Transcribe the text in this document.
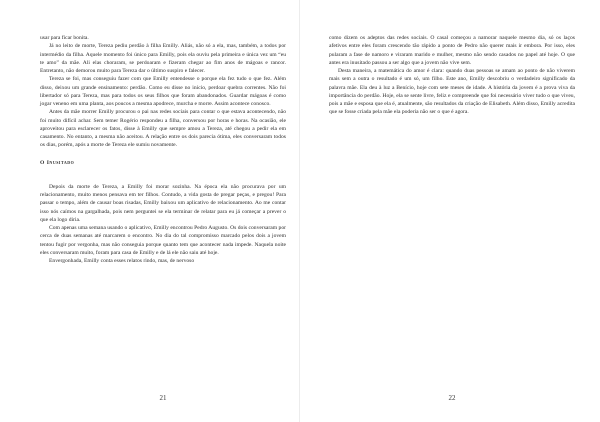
usar para ficar bonita.

Já no leito de morte, Tereza pediu perdão à filha Emilly. Aliás, não só a ela, mas, também, a todos por intermédio da filha. Aquele momento foi único para Emilly, pois ela ouviu pela primeira e única vez um “eu te amo” da mãe. Ali elas choraram, se perdoaram e fizeram chegar ao fim anos de mágoas e rancor. Entretanto, não demorou muito para Tereza dar o último suspiro e falecer.

Tereza se foi, mas conseguiu fazer com que Emilly entendesse o porque ela fez tudo o que fez. Além disso, deixou um grande ensinamento: perdão. Como eu disse no início, perdoar quebra correntes. Não foi libertador só para Tereza, mas para todos os seus filhos que foram abandonados. Guardar mágoas é como jogar veneno em uma planta, aos poucos a mesma apodrece, murcha e morre. Assim acontece conosco.

Antes da mãe morrer Emilly procurou o pai nas redes sociais para contar o que estava acontecendo, não foi muito difícil achar. Sem temer Rogério respondeu a filha, conversou por horas e horas. Na ocasião, ele aproveitou para esclarecer os fatos, disse à Emilly que sempre amou a Tereza, até chegou a pedir ela em casamento. No entanto, a mesma não aceitou. A relação entre os dois parecia ótima, eles conversaram todos os dias, porém, após a morte de Tereza ele sumiu novamente.

O Inusitado

Depois da morte de Tereza, a Emilly foi morar sozinha. Na época ela não procurava por um relacionamento, muito menos pensava em ter filhos. Contudo, a vida gosta de pregar peças, e pregou! Para passar o tempo, além de causar boas risadas, Emilly baixou um aplicativo de relacionamento. Ao me contar isso nós caímos na gargalhada, pois nem perguntei se ela terminar de relatar para eu já começar a prever o que ela logo diria.

Com apenas uma semana usando o aplicativo, Emilly encontrou Pedro Augusto. Os dois conversaram por cerca de duas semanas até marcarem o encontro. No dia do tal compromisso marcado pelos dois a jovem tentou fugir por vergonha, mas não conseguia porque quanto tem que acontecer nada impede. Naquela noite eles conversaram muito, foram para casa de Emilly e de lá ele não saiu até hoje.

Envergonhada, Emilly conta esses relatos rindo, mas, de nervoso

como dizem os adeptos das redes sociais. O casal começou a namorar naquele mesmo dia, só os laços afetivos entre eles foram crescendo tão rápido a ponto de Pedro não querer mais ir embora. Por isso, eles pularam a fase de namoro e viraram marido e mulher, mesmo não sendo casados no papel até hoje. O que antes era inusitado passou a ser algo que a jovem não vive sem.

Desta maneira, a matemática do amor é clara: quando duas pessoas se amam ao ponto de não viverem mais sem a outra o resultado é um só, um filho. Este ano, Emilly descobriu o verdadeiro significado da palavra mãe. Ela deu à luz a Benício, hoje com sete meses de idade. A história da jovem é a prova viva da importância do perdão. Hoje, ela se sente livre, feliz e compreende que foi necessário viver tudo o que viveu, pois a mãe e esposa que ela é, atualmente, são resultados da criação de Elisabeth. Além disso, Emilly acredita que se fosse criada pela mãe ela poderia não ser o que é agora.

21	22
